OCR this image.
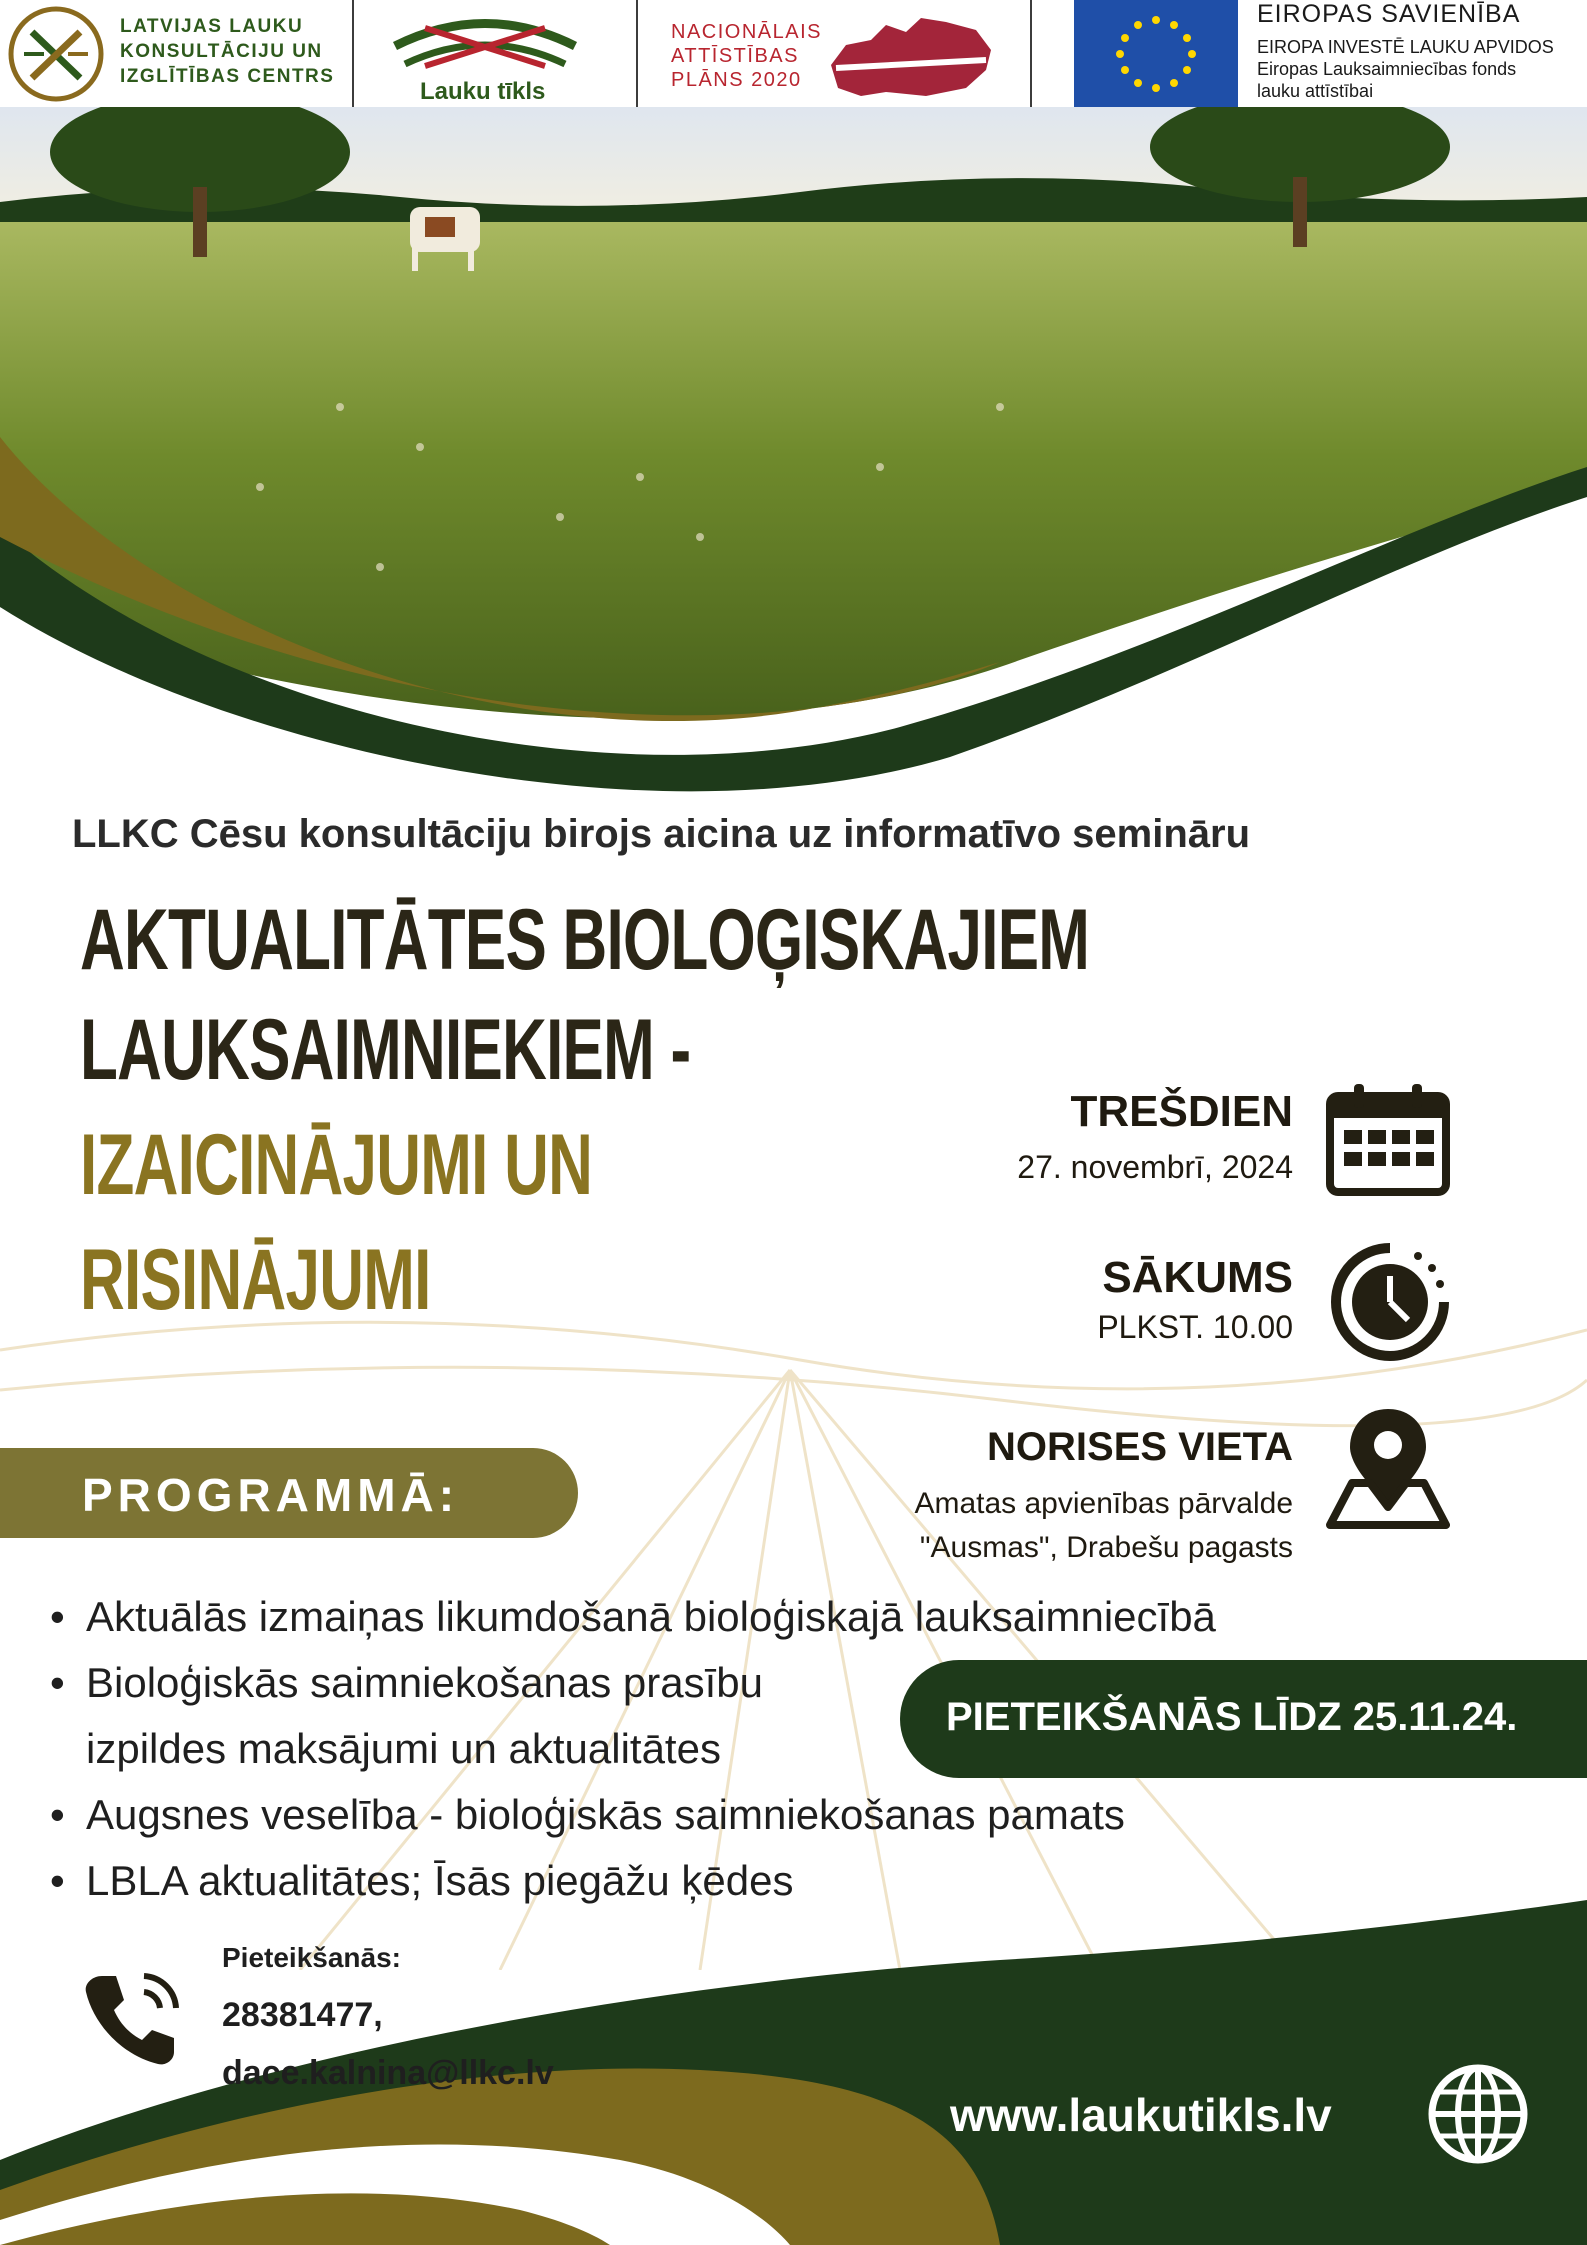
LATVIJAS LAUKU
KONSULTĀCIJU UN
IZGLĪTĪBAS CENTRS
Lauku tīkls
NACIONĀLAIS
ATTĪSTĪBAS
PLĀNS 2020
EIROPAS SAVIENĪBA
EIROPA INVESTĒ LAUKU APVIDOS
Eiropas Lauksaimniecības fonds
lauku attīstībai
LLKC Cēsu konsultāciju birojs aicina uz informatīvo semināru
AKTUALITĀTES BIOLOĢISKAJIEM
LAUKSAIMNIEKIEM -
IZAICINĀJUMI UN
RISINĀJUMI
TREŠDIEN
27. novembrī, 2024
SĀKUMS
PLKST. 10.00
NORISES VIETA
Amatas apvienības pārvalde
"Ausmas", Drabešu pagasts
PROGRAMMĀ:
• Aktuālās izmaiņas likumdošanā bioloģiskajā lauksaimniecībā
• Bioloģiskās saimniekošanas prasību
izpildes maksājumi un aktualitātes
• Augsnes veselība - bioloģiskās saimniekošanas pamats
• LBLA aktualitātes; Īsās piegāžu ķēdes
PIETEIKŠANĀS LĪDZ 25.11.24.
Pieteikšanās:
28381477,
dace.kalnina@llkc.lv
www.laukutikls.lv
